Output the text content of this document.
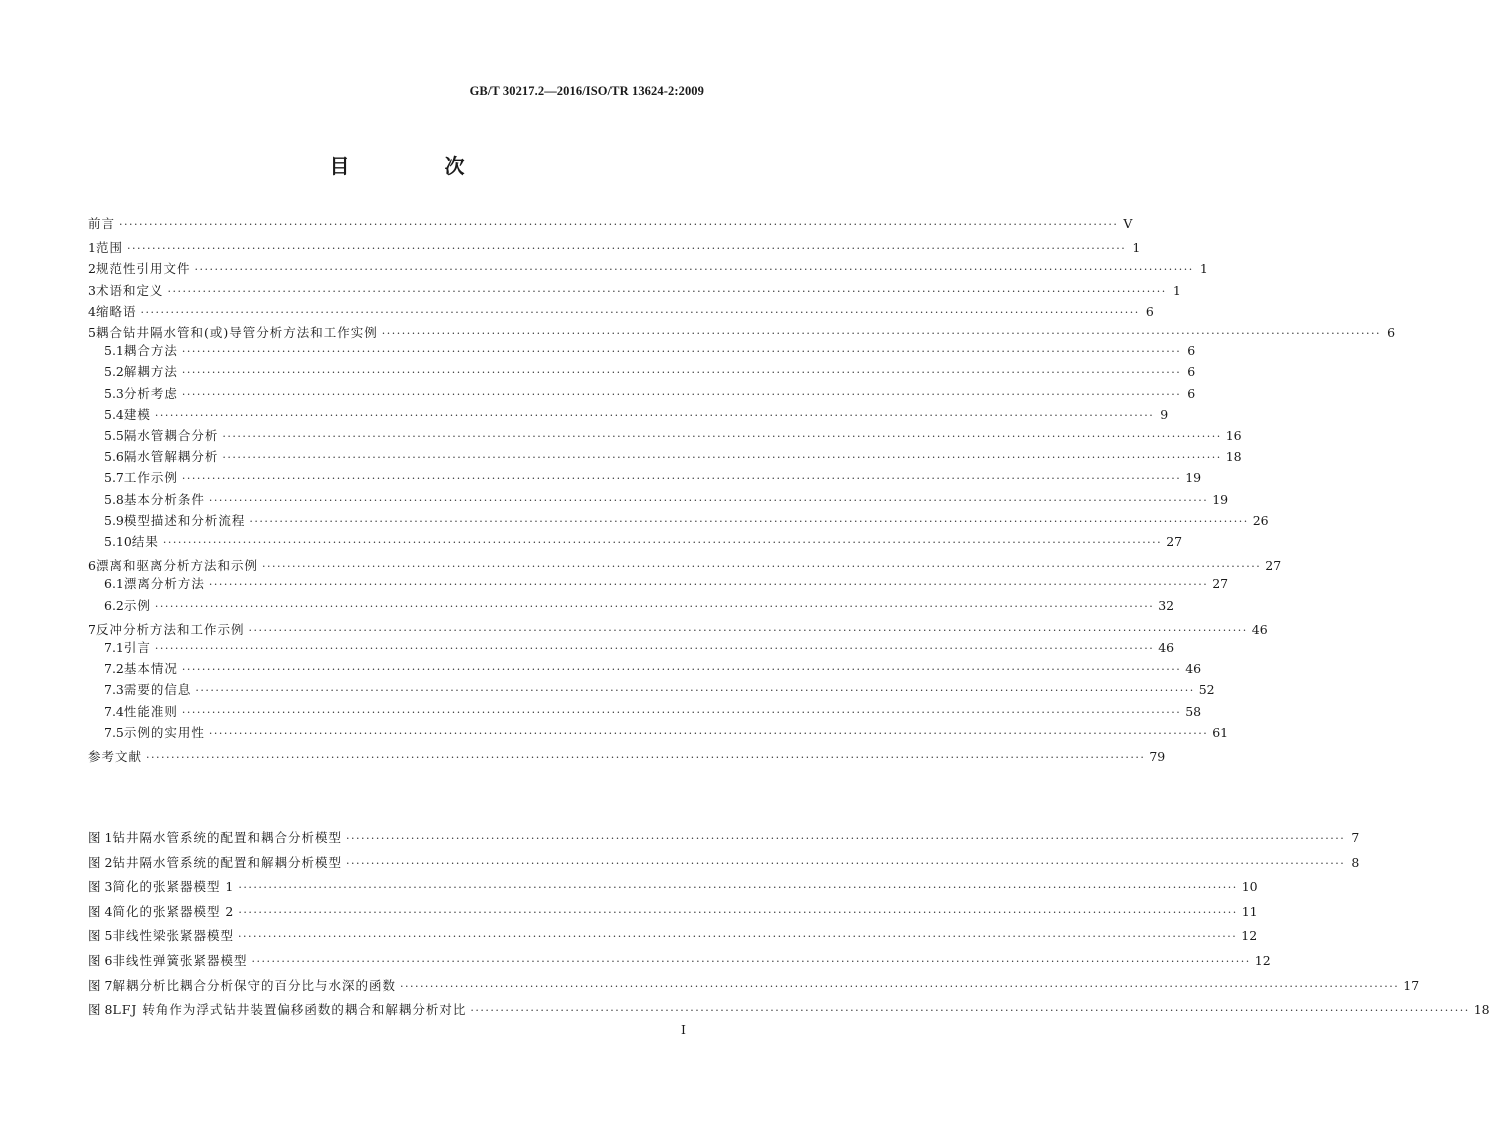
GB/T 30217.2—2016/ISO/TR 13624-2:2009
目 次
前言 ········································································································································································································ V
1 范围 ········································································································································································································ 1
2 规范性引用文件 ········································································································································································································ 1
3 术语和定义 ········································································································································································································ 1
4 缩略语 ········································································································································································································ 6
5 耦合钻井隔水管和(或)导管分析方法和工作实例 ········································································································································································································ 6
5.1 耦合方法 ········································································································································································································ 6
5.2 解耦方法 ········································································································································································································ 6
5.3 分析考虑 ········································································································································································································ 6
5.4 建模 ········································································································································································································ 9
5.5 隔水管耦合分析 ········································································································································································································ 16
5.6 隔水管解耦分析 ········································································································································································································ 18
5.7 工作示例 ········································································································································································································ 19
5.8 基本分析条件 ········································································································································································································ 19
5.9 模型描述和分析流程 ········································································································································································································ 26
5.10 结果 ········································································································································································································ 27
6 漂离和驱离分析方法和示例 ········································································································································································································ 27
6.1 漂离分析方法 ········································································································································································································ 27
6.2 示例 ········································································································································································································ 32
7 反冲分析方法和工作示例 ········································································································································································································ 46
7.1 引言 ········································································································································································································ 46
7.2 基本情况 ········································································································································································································ 46
7.3 需要的信息 ········································································································································································································ 52
7.4 性能准则 ········································································································································································································ 58
7.5 示例的实用性 ········································································································································································································ 61
参考文献 ········································································································································································································ 79
图 1 钻井隔水管系统的配置和耦合分析模型 ········································································································································································································ 7
图 2 钻井隔水管系统的配置和解耦分析模型 ········································································································································································································ 8
图 3 简化的张紧器模型 1 ········································································································································································································ 10
图 4 简化的张紧器模型 2 ········································································································································································································ 11
图 5 非线性梁张紧器模型 ········································································································································································································ 12
图 6 非线性弹簧张紧器模型 ········································································································································································································ 12
图 7 解耦分析比耦合分析保守的百分比与水深的函数 ········································································································································································································ 17
图 8 LFJ 转角作为浮式钻井装置偏移函数的耦合和解耦分析对比 ········································································································································································································ 18
I
